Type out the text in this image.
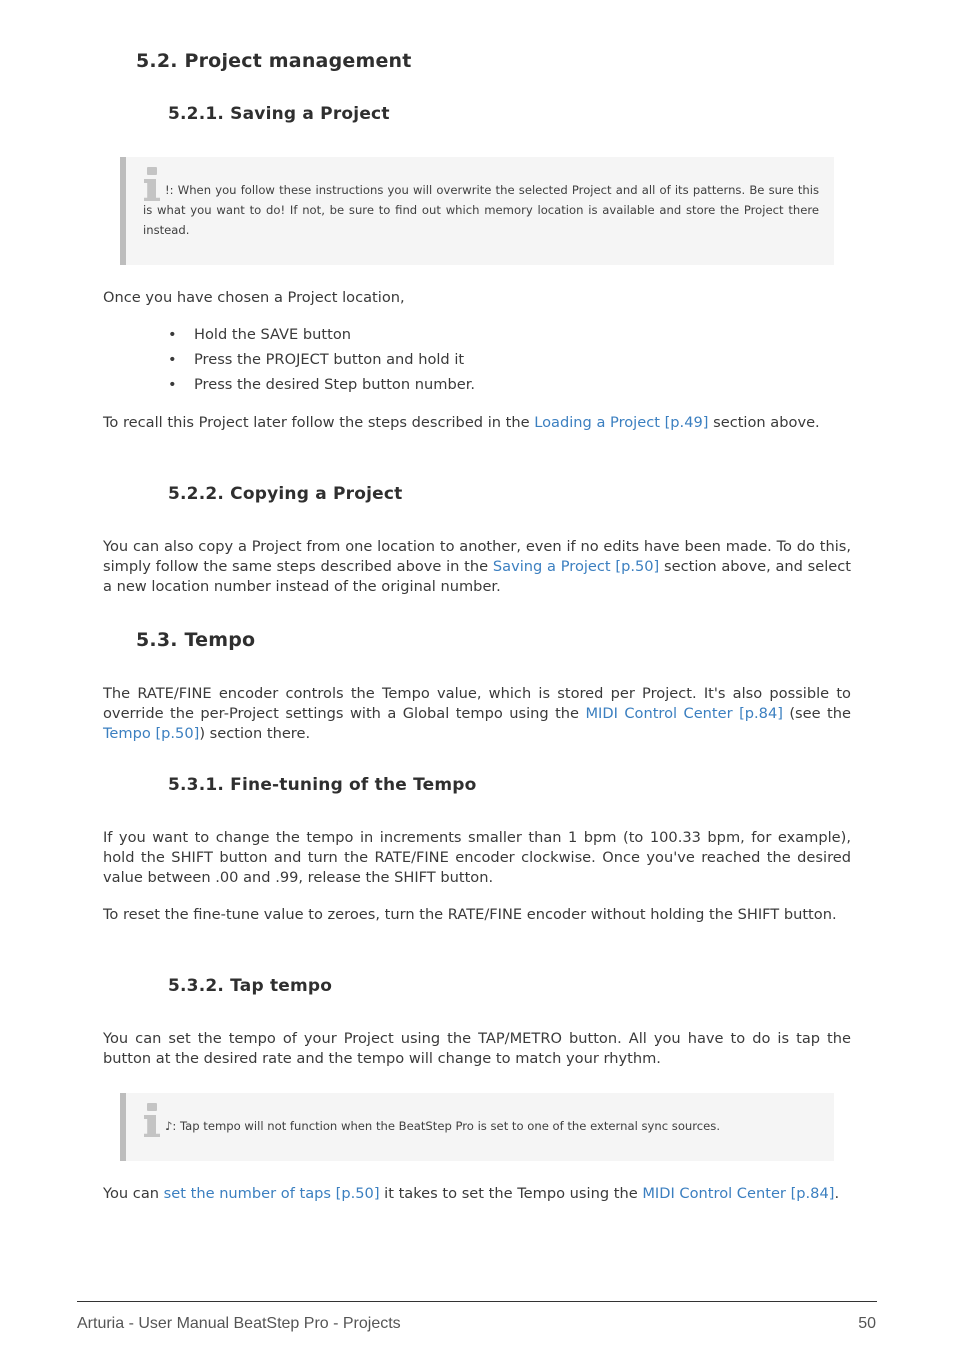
5.2. Project management
5.2.1. Saving a Project

!: When you follow these instructions you will overwrite the selected Project and all of its patterns. Be sure this is what you want to do! If not, be sure to find out which memory location is available and store the Project there instead.

Once you have chosen a Project location,

• Hold the SAVE button
• Press the PROJECT button and hold it
• Press the desired Step button number.

To recall this Project later follow the steps described in the Loading a Project [p.49] section above.

5.2.2. Copying a Project

You can also copy a Project from one location to another, even if no edits have been made. To do this, simply follow the same steps described above in the Saving a Project [p.50] section above, and select a new location number instead of the original number.

5.3. Tempo

The RATE/FINE encoder controls the Tempo value, which is stored per Project. It's also possible to override the per-Project settings with a Global tempo using the MIDI Control Center [p.84] (see the Tempo [p.50]) section there.

5.3.1. Fine-tuning of the Tempo

If you want to change the tempo in increments smaller than 1 bpm (to 100.33 bpm, for example), hold the SHIFT button and turn the RATE/FINE encoder clockwise. Once you've reached the desired value between .00 and .99, release the SHIFT button.

To reset the fine-tune value to zeroes, turn the RATE/FINE encoder without holding the SHIFT button.

5.3.2. Tap tempo

You can set the tempo of your Project using the TAP/METRO button. All you have to do is tap the button at the desired rate and the tempo will change to match your rhythm.

♪: Tap tempo will not function when the BeatStep Pro is set to one of the external sync sources.

You can set the number of taps [p.50] it takes to set the Tempo using the MIDI Control Center [p.84].

Arturia - User Manual BeatStep Pro - Projects	50
